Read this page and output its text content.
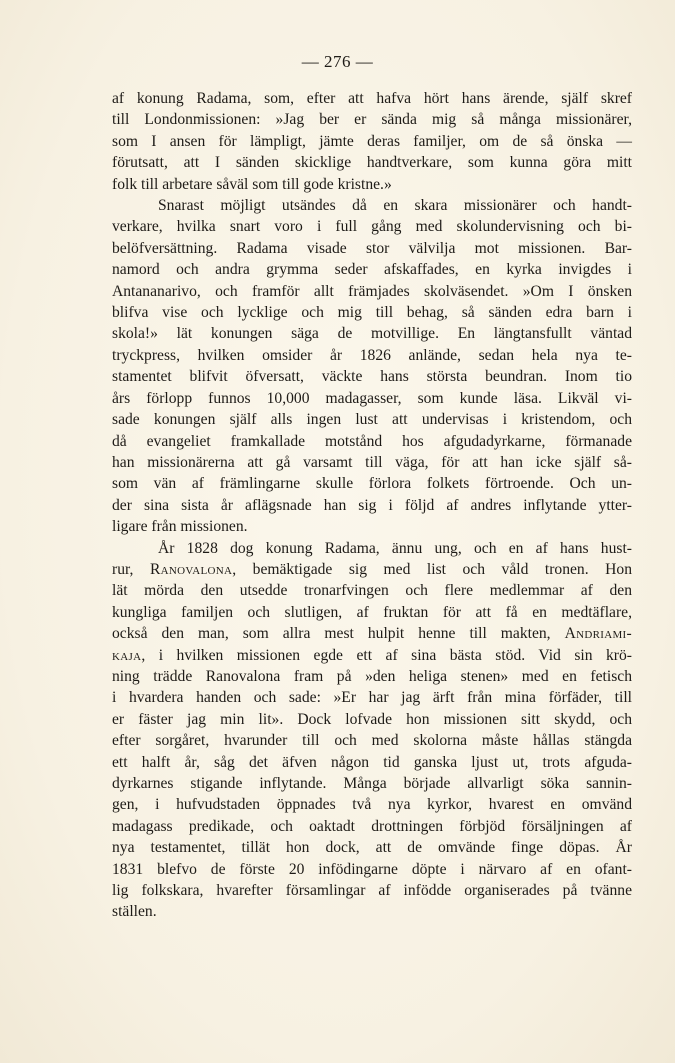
— 276 —
af konung Radama, som, efter att hafva hört hans ärende, själf skref
till Londonmissionen: »Jag ber er sända mig så många missionärer,
som I ansen för lämpligt, jämte deras familjer, om de så önska —
förutsatt, att I sänden skicklige handtverkare, som kunna göra mitt
folk till arbetare såväl som till gode kristne.»
Snarast möjligt utsändes då en skara missionärer och handt-
verkare, hvilka snart voro i full gång med skolundervisning och bi-
belöfversättning. Radama visade stor välvilja mot missionen. Bar-
namord och andra grymma seder afskaffades, en kyrka invigdes i
Antananarivo, och framför allt främjades skolväsendet. »Om I önsken
blifva vise och lycklige och mig till behag, så sänden edra barn i
skola!» lät konungen säga de motvillige. En längtansfullt väntad
tryckpress, hvilken omsider år 1826 anlände, sedan hela nya te-
stamentet blifvit öfversatt, väckte hans största beundran. Inom tio
års förlopp funnos 10,000 madagasser, som kunde läsa. Likväl vi-
sade konungen själf alls ingen lust att undervisas i kristendom, och
då evangeliet framkallade motstånd hos afgudadyrkarne, förmanade
han missionärerna att gå varsamt till väga, för att han icke själf så-
som vän af främlingarne skulle förlora folkets förtroende. Och un-
der sina sista år aflägsnade han sig i följd af andres inflytande ytter-
ligare från missionen.
År 1828 dog konung Radama, ännu ung, och en af hans hust-
rur, Ranovalona, bemäktigade sig med list och våld tronen. Hon
lät mörda den utsedde tronarfvingen och flere medlemmar af den
kungliga familjen och slutligen, af fruktan för att få en medtäflare,
också den man, som allra mest hulpit henne till makten, Andriami-
kaja, i hvilken missionen egde ett af sina bästa stöd. Vid sin krö-
ning trädde Ranovalona fram på »den heliga stenen» med en fetisch
i hvardera handen och sade: »Er har jag ärft från mina förfäder, till
er fäster jag min lit». Dock lofvade hon missionen sitt skydd, och
efter sorgåret, hvarunder till och med skolorna måste hållas stängda
ett halft år, såg det äfven någon tid ganska ljust ut, trots afguda-
dyrkarnes stigande inflytande. Många började allvarligt söka sannin-
gen, i hufvudstaden öppnades två nya kyrkor, hvarest en omvänd
madagass predikade, och oaktadt drottningen förbjöd försäljningen af
nya testamentet, tillät hon dock, att de omvände finge döpas. År
1831 blefvo de förste 20 infödingarne döpte i närvaro af en ofant-
lig folkskara, hvarefter församlingar af infödde organiserades på tvänne
ställen.
